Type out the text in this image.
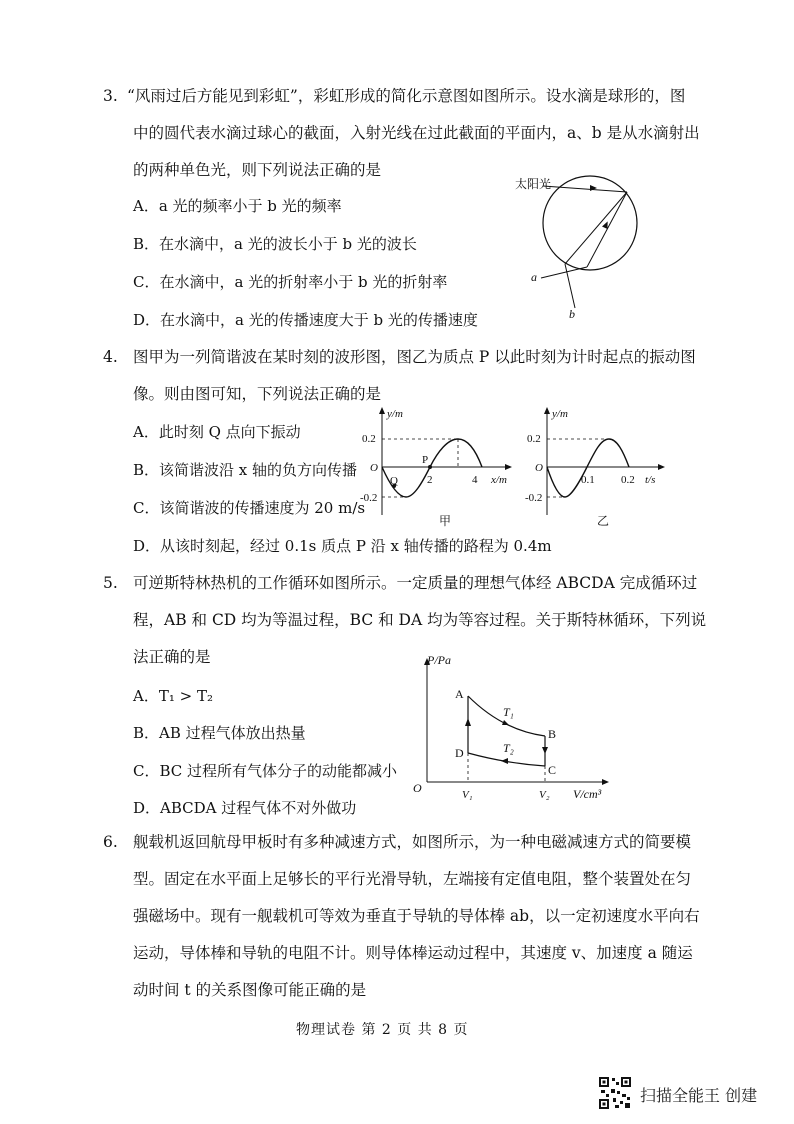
3. “风雨过后方能见到彩虹”，彩虹形成的简化示意图如图所示。设水滴是球形的，图
中的圆代表水滴过球心的截面，入射光线在过此截面的平面内，a、b 是从水滴射出
的两种单色光，则下列说法正确的是
A．a 光的频率小于 b 光的频率
B．在水滴中，a 光的波长小于 b 光的波长
C．在水滴中，a 光的折射率小于 b 光的折射率
D．在水滴中，a 光的传播速度大于 b 光的传播速度
太阳光
a
b
4. 图甲为一列简谐波在某时刻的波形图，图乙为质点 P 以此时刻为计时起点的振动图
像。则由图可知，下列说法正确的是
A．此时刻 Q 点向下振动
B．该简谐波沿 x 轴的负方向传播
C．该简谐波的传播速度为 20 m/s
D．从该时刻起，经过 0.1s 质点 P 沿 x 轴传播的路程为 0.4m
0.2
-0.2
O
y/m
x/m
2	4
P
Q
甲
0.2
-0.2
O
y/m
t/s
0.1 0.2
乙
5. 可逆斯特林热机的工作循环如图所示。一定质量的理想气体经 ABCDA 完成循环过
程，AB 和 CD 均为等温过程，BC 和 DA 均为等容过程。关于斯特林循环，下列说
法正确的是
A．T₁ > T₂
B．AB 过程气体放出热量
C．BC 过程所有气体分子的动能都减小
D．ABCDA 过程气体不对外做功
P/Pa
V/cm³
O
A
B
C
D
T₁
T₂
V₁	V₂
6. 舰载机返回航母甲板时有多种减速方式，如图所示，为一种电磁减速方式的简要模
型。固定在水平面上足够长的平行光滑导轨，左端接有定值电阻，整个装置处在匀
强磁场中。现有一舰载机可等效为垂直于导轨的导体棒 ab，以一定初速度水平向右
运动，导体棒和导轨的电阻不计。则导体棒运动过程中，其速度 v、加速度 a 随运
动时间 t 的关系图像可能正确的是
物理试卷 第 2 页 共 8 页
扫描全能王 创建
